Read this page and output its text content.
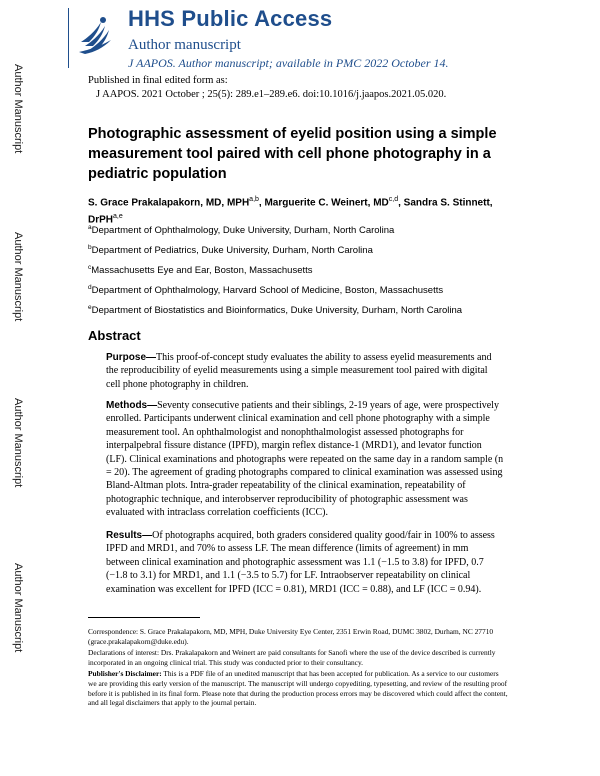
Author Manuscript
Author Manuscript
Author Manuscript
Author Manuscript
HHS Public Access
Author manuscript
J AAPOS. Author manuscript; available in PMC 2022 October 14.
Published in final edited form as:
J AAPOS. 2021 October ; 25(5): 289.e1–289.e6. doi:10.1016/j.jaapos.2021.05.020.
Photographic assessment of eyelid position using a simple measurement tool paired with cell phone photography in a pediatric population
S. Grace Prakalapakorn, MD, MPH$^{a,b}$, Marguerite C. Weinert, MD$^{c,d}$, Sandra S. Stinnett, DrPH$^{a,e}$
$^a$Department of Ophthalmology, Duke University, Durham, North Carolina
$^b$Department of Pediatrics, Duke University, Durham, North Carolina
$^c$Massachusetts Eye and Ear, Boston, Massachusetts
$^d$Department of Ophthalmology, Harvard School of Medicine, Boston, Massachusetts
$^e$Department of Biostatistics and Bioinformatics, Duke University, Durham, North Carolina
Abstract
Purpose—This proof-of-concept study evaluates the ability to assess eyelid measurements and the reproducibility of eyelid measurements using a simple measurement tool paired with digital cell phone photography in children.
Methods—Seventy consecutive patients and their siblings, 2-19 years of age, were prospectively enrolled. Participants underwent clinical examination and cell phone photography with a simple measurement tool. An ophthalmologist and nonophthalmologist assessed photographs for interpalpebral fissure distance (IPFD), margin reflex distance-1 (MRD1), and levator function (LF). Clinical examinations and photographs were repeated on the same day in a random sample (n = 20). The agreement of grading photographs compared to clinical examination was assessed using Bland-Altman plots. Intra-grader repeatability of the clinical examination, repeatability of photographic technique, and interobserver reproducibility of photographic assessment was evaluated with intraclass correlation coefficients (ICC).
Results—Of photographs acquired, both graders considered quality good/fair in 100% to assess IPFD and MRD1, and 70% to assess LF. The mean difference (limits of agreement) in mm between clinical examination and photographic assessment was 1.1 (−1.5 to 3.8) for IPFD, 0.7 (−1.8 to 3.1) for MRD1, and 1.1 (−3.5 to 5.7) for LF. Intraobserver repeatability on clinical examination was excellent for IPFD (ICC = 0.81), MRD1 (ICC = 0.88), and LF (ICC = 0.94).
Correspondence: S. Grace Prakalapakorn, MD, MPH, Duke University Eye Center, 2351 Erwin Road, DUMC 3802, Durham, NC 27710 (grace.prakalapakorn@duke.edu).
Declarations of interest: Drs. Prakalapakorn and Weinert are paid consultants for Sanofi where the use of the device described is currently incorporated in an ongoing clinical trial. This study was conducted prior to their consultancy.
Publisher's Disclaimer: This is a PDF file of an unedited manuscript that has been accepted for publication. As a service to our customers we are providing this early version of the manuscript. The manuscript will undergo copyediting, typesetting, and review of the resulting proof before it is published in its final form. Please note that during the production process errors may be discovered which could affect the content, and all legal disclaimers that apply to the journal pertain.
